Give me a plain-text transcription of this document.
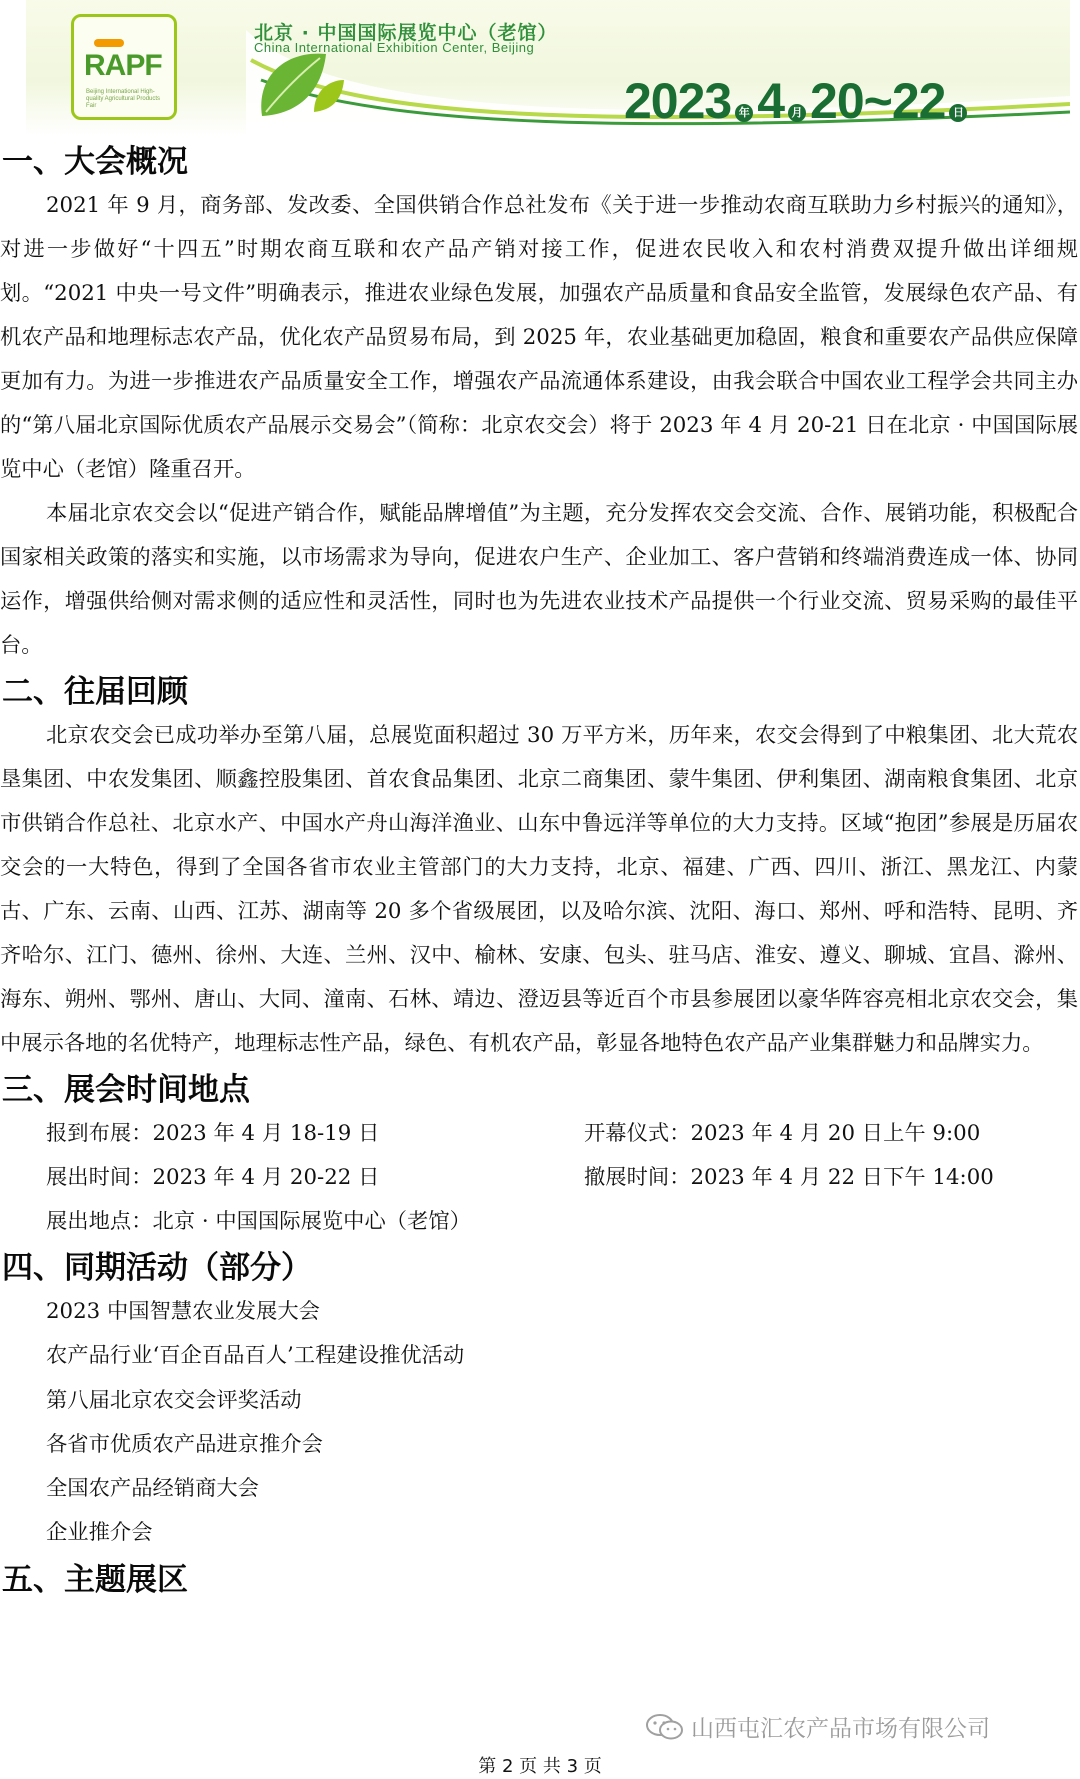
RAPF
Beijing International High-quality Agricultural Products Fair
北京 · 中国国际展览中心（老馆）
China International Exhibition Center, Beijing
2023 年 4 月 20~22 日
一、大会概况

2021 年 9 月，商务部、发改委、全国供销合作总社发布《关于进一步推动农商互联助力乡村振兴的通知》，对进一步做好“十四五”时期农商互联和农产品产销对接工作，促进农民收入和农村消费双提升做出详细规划。“2021 中央一号文件”明确表示，推进农业绿色发展，加强农产品质量和食品安全监管，发展绿色农产品、有机农产品和地理标志农产品，优化农产品贸易布局，到 2025 年，农业基础更加稳固，粮食和重要农产品供应保障更加有力。为进一步推进农产品质量安全工作，增强农产品流通体系建设，由我会联合中国农业工程学会共同主办的“第八届北京国际优质农产品展示交易会”（简称：北京农交会）将于 2023 年 4 月 20-21 日在北京 · 中国国际展览中心（老馆）隆重召开。

本届北京农交会以“促进产销合作，赋能品牌增值”为主题，充分发挥农交会交流、合作、展销功能，积极配合国家相关政策的落实和实施，以市场需求为导向，促进农户生产、企业加工、客户营销和终端消费连成一体、协同运作，增强供给侧对需求侧的适应性和灵活性，同时也为先进农业技术产品提供一个行业交流、贸易采购的最佳平台。

二、往届回顾

北京农交会已成功举办至第八届，总展览面积超过 30 万平方米，历年来，农交会得到了中粮集团、北大荒农垦集团、中农发集团、顺鑫控股集团、首农食品集团、北京二商集团、蒙牛集团、伊利集团、湖南粮食集团、北京市供销合作总社、北京水产、中国水产舟山海洋渔业、山东中鲁远洋等单位的大力支持。区域“抱团”参展是历届农交会的一大特色，得到了全国各省市农业主管部门的大力支持，北京、福建、广西、四川、浙江、黑龙江、内蒙古、广东、云南、山西、江苏、湖南等 20 多个省级展团，以及哈尔滨、沈阳、海口、郑州、呼和浩特、昆明、齐齐哈尔、江门、德州、徐州、大连、兰州、汉中、榆林、安康、包头、驻马店、淮安、遵义、聊城、宜昌、滁州、海东、朔州、鄂州、唐山、大同、潼南、石林、靖边、澄迈县等近百个市县参展团以豪华阵容亮相北京农交会，集中展示各地的名优特产，地理标志性产品，绿色、有机农产品，彰显各地特色农产品产业集群魅力和品牌实力。

三、展会时间地点
报到布展：2023 年 4 月 18-19 日	开幕仪式：2023 年 4 月 20 日上午 9:00
展出时间：2023 年 4 月 20-22 日	撤展时间：2023 年 4 月 22 日下午 14:00
展出地点：北京 · 中国国际展览中心（老馆）
四、同期活动（部分）
2023 中国智慧农业发展大会
农产品行业‘百企百品百人’工程建设推优活动
第八届北京农交会评奖活动
各省市优质农产品进京推介会
全国农产品经销商大会
企业推介会
五、主题展区
山西屯汇农产品市场有限公司
第 2 页 共 3 页
